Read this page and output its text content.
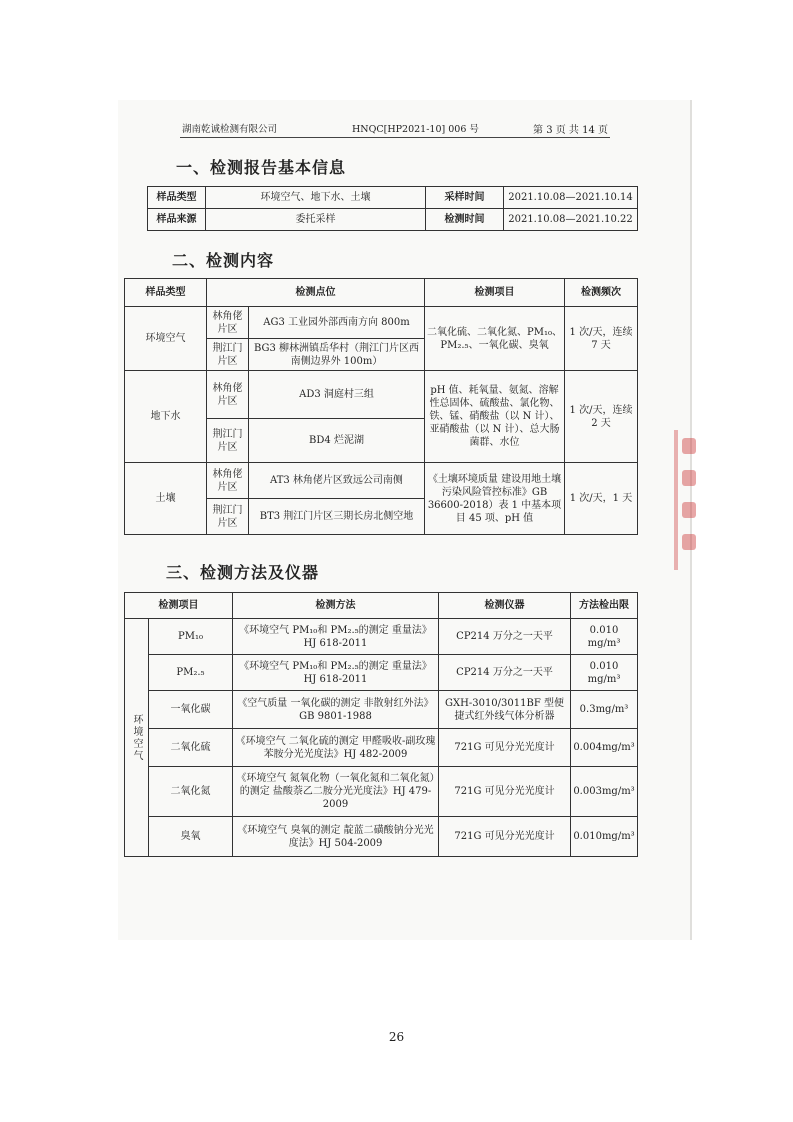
湖南乾诚检测有限公司	HNQC[HP2021-10] 006 号	第 3 页 共 14 页
一、检测报告基本信息
样品类型	环境空气、地下水、土壤	采样时间	2021.10.08—2021.10.14
样品来源	委托采样	检测时间	2021.10.08—2021.10.22
二、检测内容
样品类型	检测点位		检测项目	检测频次
环境空气	林角佬片区	AG3 工业园外部西南方向 800m	二氧化硫、二氧化氮、PM₁₀、PM₂.₅、一氧化碳、臭氧	1 次/天，连续 7 天
	荆江门片区	BG3 柳林洲镇岳华村（荆江门片区西南侧边界外 100m）		
地下水	林角佬片区	AD3 洞庭村三组	pH 值、耗氧量、氨氮、溶解性总固体、硫酸盐、氯化物、铁、锰、硝酸盐（以 N 计）、亚硝酸盐（以 N 计）、总大肠菌群、水位	1 次/天，连续 2 天
	荆江门片区	BD4 烂泥湖		
土壤	林角佬片区	AT3 林角佬片区致远公司南侧	《土壤环境质量 建设用地土壤污染风险管控标准》GB 36600-2018）表 1 中基本项目 45 项、pH 值	1 次/天，1 天
	荆江门片区	BT3 荆江门片区三期长房北侧空地		
三、检测方法及仪器
检测项目		检测方法	检测仪器	方法检出限
环境空气	PM₁₀	《环境空气 PM₁₀和 PM₂.₅的测定 重量法》HJ 618-2011	CP214 万分之一天平	0.010 mg/m³
	PM₂.₅	《环境空气 PM₁₀和 PM₂.₅的测定 重量法》HJ 618-2011	CP214 万分之一天平	0.010 mg/m³
	一氧化碳	《空气质量 一氧化碳的测定 非散射红外法》GB 9801-1988	GXH-3010/3011BF 型便捷式红外线气体分析器	0.3mg/m³
	二氧化硫	《环境空气 二氧化硫的测定 甲醛吸收-副玫瑰苯胺分光光度法》HJ 482-2009	721G 可见分光光度计	0.004mg/m³
	二氧化氮	《环境空气 氮氧化物（一氧化氮和二氧化氮）的测定 盐酸萘乙二胺分光光度法》HJ 479-2009	721G 可见分光光度计	0.003mg/m³
	臭氧	《环境空气 臭氧的测定 靛蓝二磺酸钠分光光度法》HJ 504-2009	721G 可见分光光度计	0.010mg/m³
26
